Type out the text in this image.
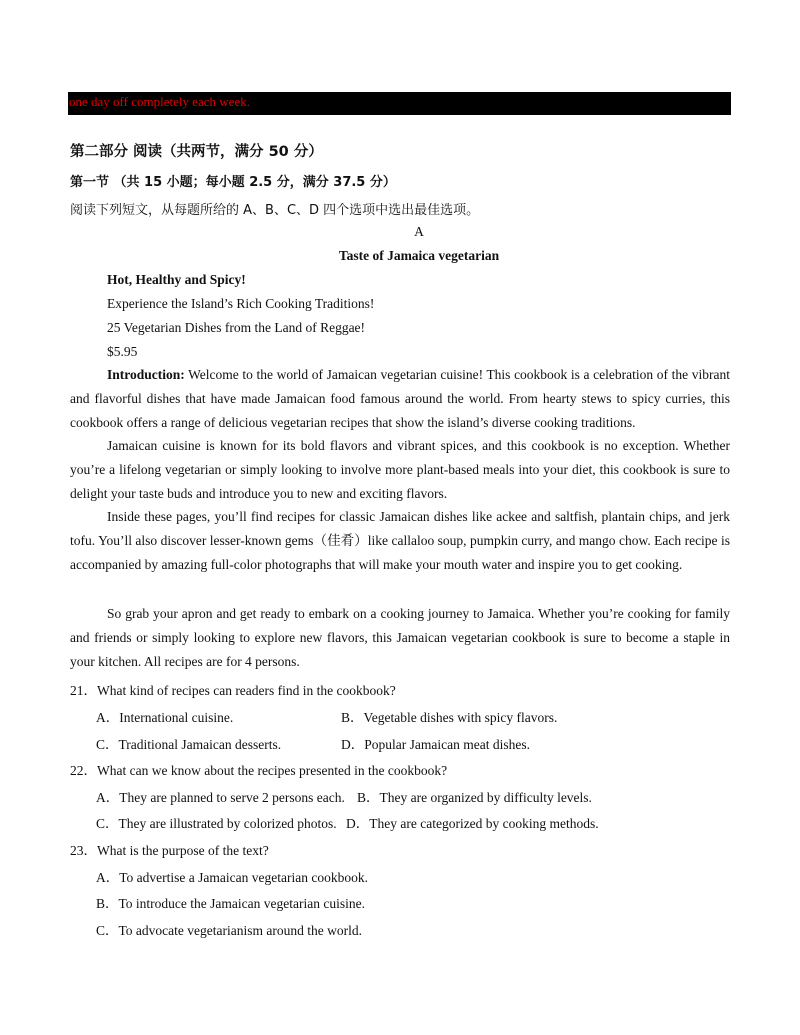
one day off completely each week.
第二部分 阅读（共两节，满分 50 分）
第一节 （共 15 小题；每小题 2.5 分，满分 37.5 分）
阅读下列短文，从每题所给的 A、B、C、D 四个选项中选出最佳选项。
A
Taste of Jamaica vegetarian
Hot, Healthy and Spicy!
Experience the Island’s Rich Cooking Traditions!
25 Vegetarian Dishes from the Land of Reggae!
$5.95

Introduction: Welcome to the world of Jamaican vegetarian cuisine! This cookbook is a celebration of the vibrant and flavorful dishes that have made Jamaican food famous around the world. From hearty stews to spicy curries, this cookbook offers a range of delicious vegetarian recipes that show the island’s diverse cooking traditions.

Jamaican cuisine is known for its bold flavors and vibrant spices, and this cookbook is no exception. Whether you’re a lifelong vegetarian or simply looking to involve more plant-based meals into your diet, this cookbook is sure to delight your taste buds and introduce you to new and exciting flavors.

Inside these pages, you’ll find recipes for classic Jamaican dishes like ackee and saltfish, plantain chips, and jerk tofu. You’ll also discover lesser-known gems（佳肴）like callaloo soup, pumpkin curry, and mango chow. Each recipe is accompanied by amazing full-color photographs that will make your mouth water and inspire you to get cooking.

So grab your apron and get ready to embark on a cooking journey to Jamaica. Whether you’re cooking for family and friends or simply looking to explore new flavors, this Jamaican vegetarian cookbook is sure to become a staple in your kitchen. All recipes are for 4 persons.

21．What kind of recipes can readers find in the cookbook?
A．International cuisine.	B．Vegetable dishes with spicy flavors.
C．Traditional Jamaican desserts.	D．Popular Jamaican meat dishes.
22．What can we know about the recipes presented in the cookbook?
A．They are planned to serve 2 persons each. B．They are organized by difficulty levels.
C．They are illustrated by colorized photos. D．They are categorized by cooking methods.
23．What is the purpose of the text?
A．To advertise a Jamaican vegetarian cookbook.
B．To introduce the Jamaican vegetarian cuisine.
C．To advocate vegetarianism around the world.
